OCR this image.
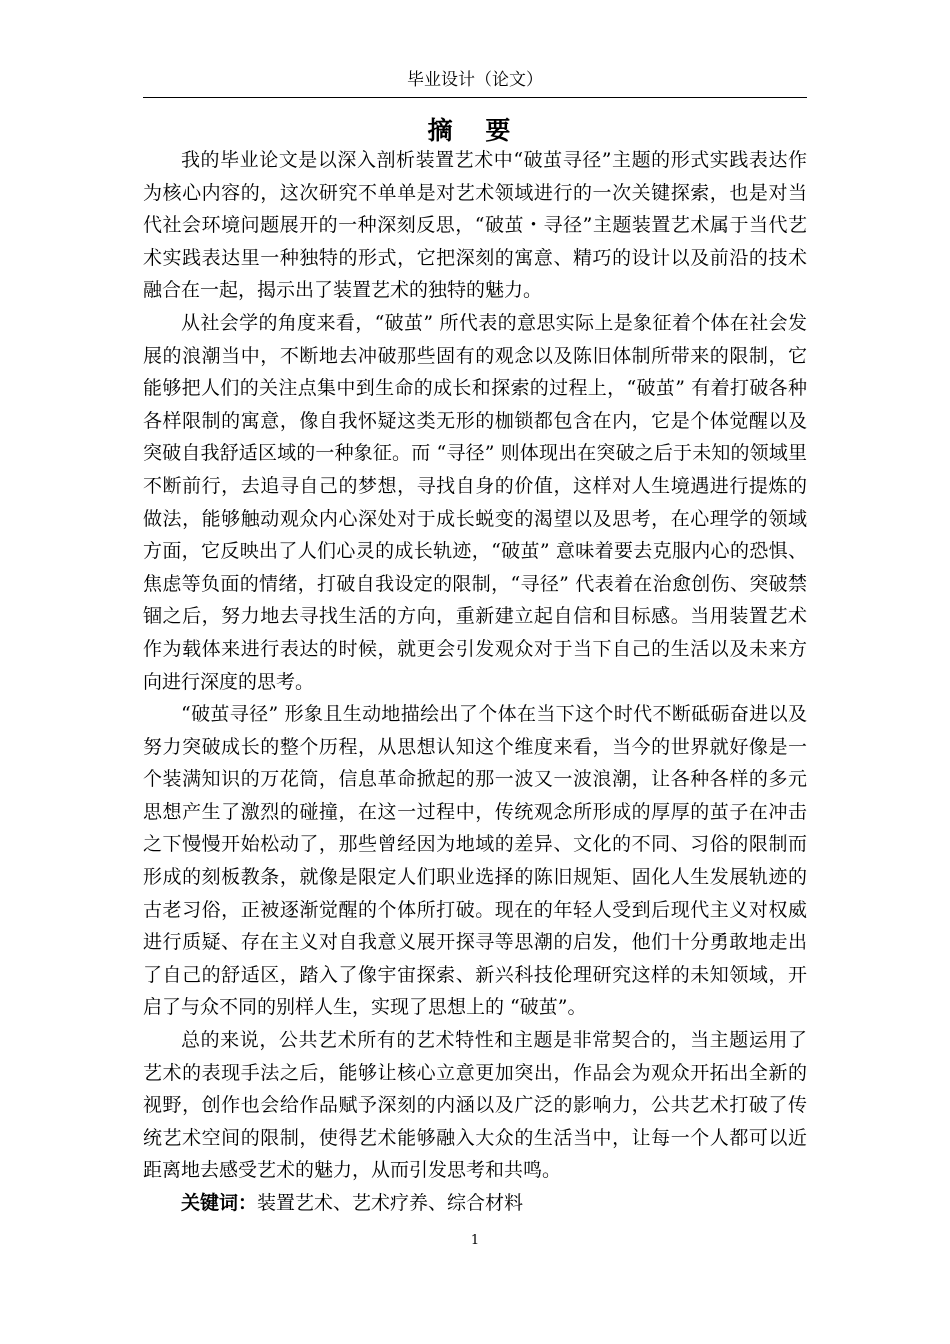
毕业设计（论文）
摘 要

我的毕业论文是以深入剖析装置艺术中“破茧寻径”主题的形式实践表达作为核心内容的，这次研究不单单是对艺术领域进行的一次关键探索，也是对当代社会环境问题展开的一种深刻反思，“破茧・寻径”主题装置艺术属于当代艺术实践表达里一种独特的形式，它把深刻的寓意、精巧的设计以及前沿的技术融合在一起，揭示出了装置艺术的独特的魅力。

从社会学的角度来看，“破茧” 所代表的意思实际上是象征着个体在社会发展的浪潮当中，不断地去冲破那些固有的观念以及陈旧体制所带来的限制，它能够把人们的关注点集中到生命的成长和探索的过程上，“破茧” 有着打破各种各样限制的寓意，像自我怀疑这类无形的枷锁都包含在内，它是个体觉醒以及突破自我舒适区域的一种象征。而 “寻径” 则体现出在突破之后于未知的领域里不断前行，去追寻自己的梦想，寻找自身的价值，这样对人生境遇进行提炼的做法，能够触动观众内心深处对于成长蜕变的渴望以及思考，在心理学的领域方面，它反映出了人们心灵的成长轨迹，“破茧” 意味着要去克服内心的恐惧、焦虑等负面的情绪，打破自我设定的限制，“寻径” 代表着在治愈创伤、突破禁锢之后，努力地去寻找生活的方向，重新建立起自信和目标感。当用装置艺术作为载体来进行表达的时候，就更会引发观众对于当下自己的生活以及未来方向进行深度的思考。

“破茧寻径” 形象且生动地描绘出了个体在当下这个时代不断砥砺奋进以及努力突破成长的整个历程，从思想认知这个维度来看，当今的世界就好像是一个装满知识的万花筒，信息革命掀起的那一波又一波浪潮，让各种各样的多元思想产生了激烈的碰撞，在这一过程中，传统观念所形成的厚厚的茧子在冲击之下慢慢开始松动了，那些曾经因为地域的差异、文化的不同、习俗的限制而形成的刻板教条，就像是限定人们职业选择的陈旧规矩、固化人生发展轨迹的古老习俗，正被逐渐觉醒的个体所打破。现在的年轻人受到后现代主义对权威进行质疑、存在主义对自我意义展开探寻等思潮的启发，他们十分勇敢地走出了自己的舒适区，踏入了像宇宙探索、新兴科技伦理研究这样的未知领域，开启了与众不同的别样人生，实现了思想上的 “破茧”。

总的来说，公共艺术所有的艺术特性和主题是非常契合的，当主题运用了艺术的表现手法之后，能够让核心立意更加突出，作品会为观众开拓出全新的视野，创作也会给作品赋予深刻的内涵以及广泛的影响力，公共艺术打破了传统艺术空间的限制，使得艺术能够融入大众的生活当中，让每一个人都可以近距离地去感受艺术的魅力，从而引发思考和共鸣。

关键词：装置艺术、艺术疗养、综合材料

1
